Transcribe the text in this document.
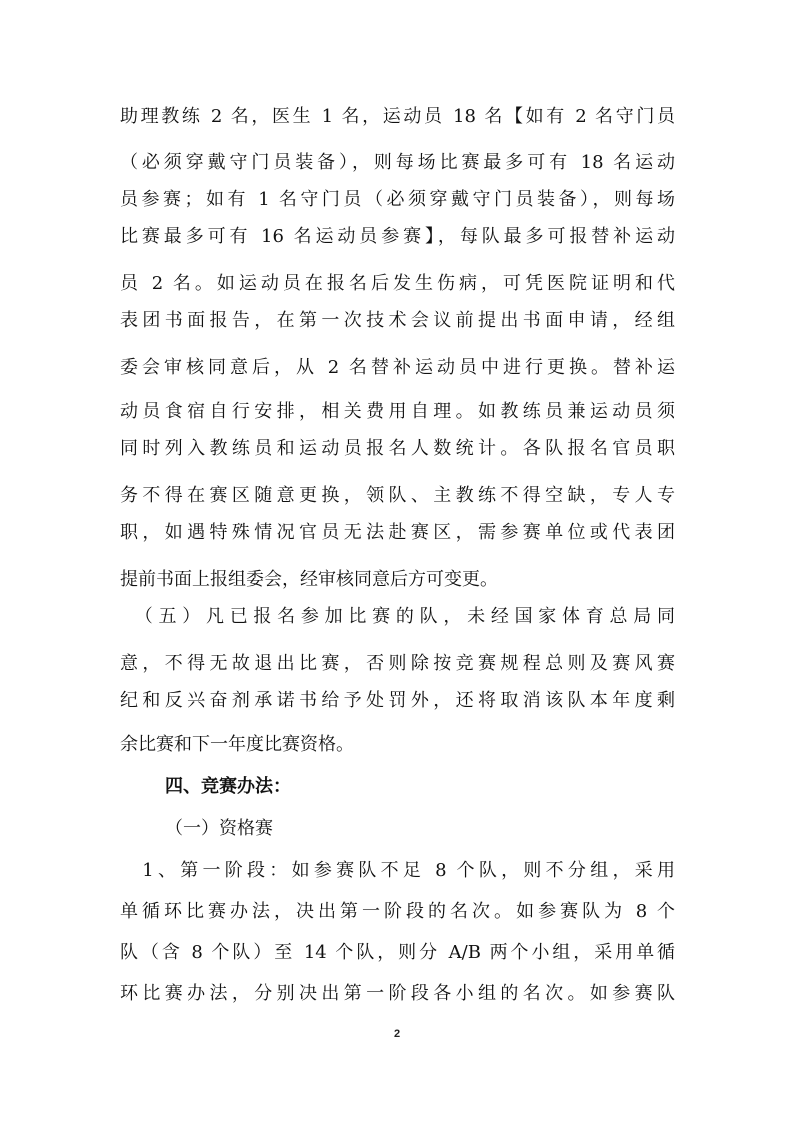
助理教练 2 名，医生 1 名，运动员 18 名【如有 2 名守门员
（必须穿戴守门员装备），则每场比赛最多可有 18 名运动
员参赛；如有 1 名守门员（必须穿戴守门员装备），则每场
比赛最多可有 16 名运动员参赛】，每队最多可报替补运动
员 2 名。如运动员在报名后发生伤病，可凭医院证明和代
表团书面报告，在第一次技术会议前提出书面申请，经组
委会审核同意后，从 2 名替补运动员中进行更换。替补运
动员食宿自行安排，相关费用自理。如教练员兼运动员须
同时列入教练员和运动员报名人数统计。各队报名官员职
务不得在赛区随意更换，领队、主教练不得空缺，专人专
职，如遇特殊情况官员无法赴赛区，需参赛单位或代表团
提前书面上报组委会，经审核同意后方可变更。
　（五）凡已报名参加比赛的队，未经国家体育总局同
意，不得无故退出比赛，否则除按竞赛规程总则及赛风赛
纪和反兴奋剂承诺书给予处罚外，还将取消该队本年度剩
余比赛和下一年度比赛资格。
四、竞赛办法：
（一）资格赛
　1、第一阶段：如参赛队不足 8 个队，则不分组，采用
单循环比赛办法，决出第一阶段的名次。如参赛队为 8 个
队（含 8 个队）至 14 个队，则分 A/B 两个小组，采用单循
环比赛办法，分别决出第一阶段各小组的名次。如参赛队
2
